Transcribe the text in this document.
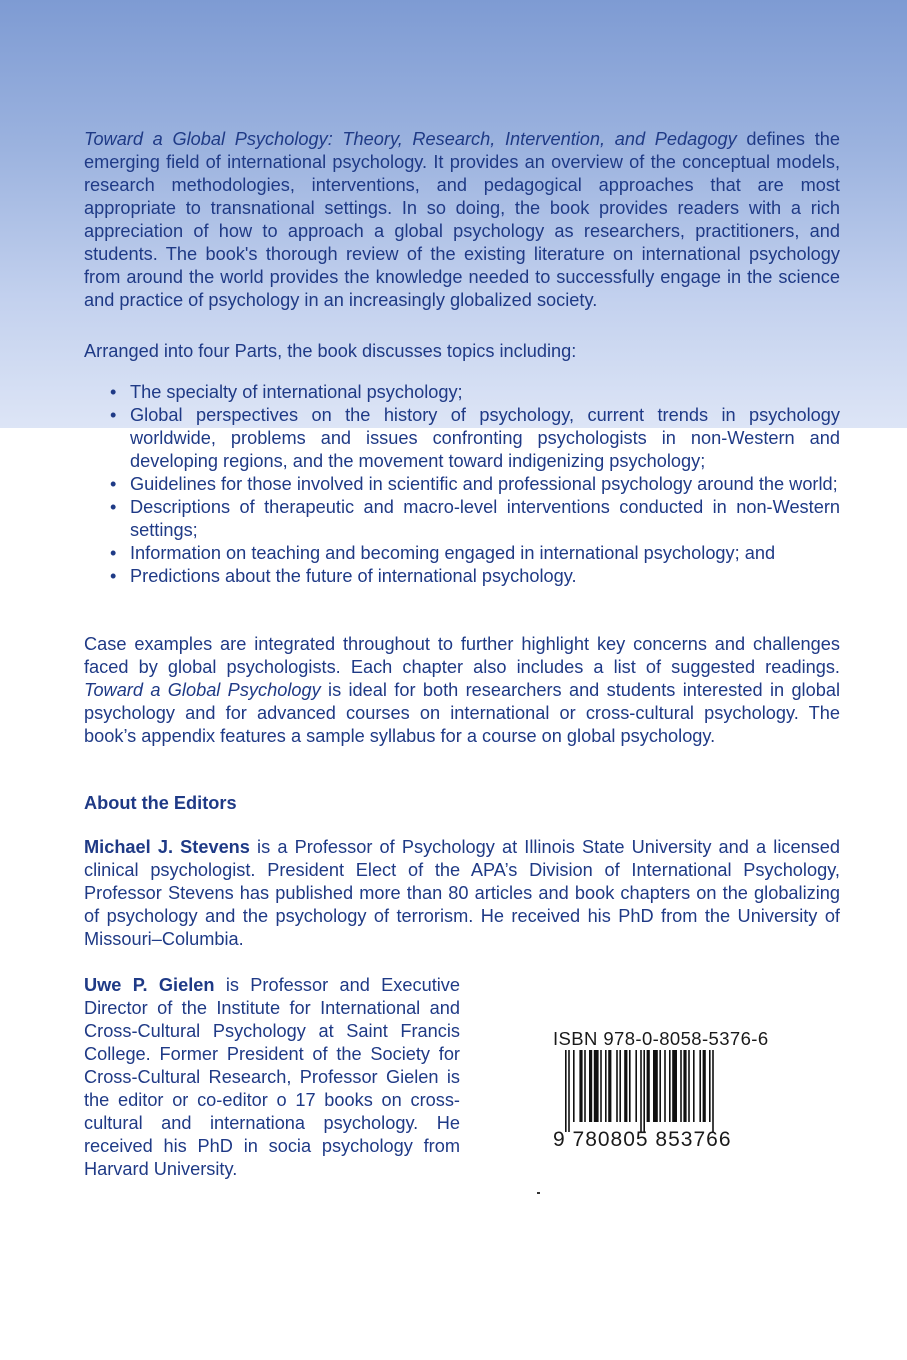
Toward a Global Psychology: Theory, Research, Intervention, and Pedagogy defines the emerging field of international psychology. It provides an overview of the conceptual models, research methodologies, interventions, and pedagogical approaches that are most appropriate to transnational settings. In so doing, the book provides readers with a rich appreciation of how to approach a global psychology as researchers, practitioners, and students. The book's thorough review of the existing literature on international psychology from around the world provides the knowledge needed to successfully engage in the science and practice of psychology in an increasingly globalized society.

Arranged into four Parts, the book discusses topics including:

• The specialty of international psychology;
• Global perspectives on the history of psychology, current trends in psychology worldwide, problems and issues confronting psychologists in non-Western and developing regions, and the movement toward indigenizing psychology;
• Guidelines for those involved in scientific and professional psychology around the world;
• Descriptions of therapeutic and macro-level interventions conducted in non-Western settings;
• Information on teaching and becoming engaged in international psychology; and
• Predictions about the future of international psychology.

Case examples are integrated throughout to further highlight key concerns and challenges faced by global psychologists. Each chapter also includes a list of suggested readings. Toward a Global Psychology is ideal for both researchers and students interested in global psychology and for advanced courses on international or cross-cultural psychology. The book’s appendix features a sample syllabus for a course on global psychology.

About the Editors

Michael J. Stevens is a Professor of Psychology at Illinois State University and a licensed clinical psychologist. President Elect of the APA’s Division of International Psychology, Professor Stevens has published more than 80 articles and book chapters on the globalizing of psychology and the psychology of terrorism. He received his PhD from the University of Missouri–Columbia.

Uwe P. Gielen is Professor and Executive Director of the Institute for International and Cross-Cultural Psychology at Saint Francis College. Former President of the Society for Cross-Cultural Research, Professor Gielen is the editor or co-editor o 17 books on cross-cultural and internationa psychology. He received his PhD in socia psychology from Harvard University.

ISBN 978-0-8058-5376-6
9 780805 853766
